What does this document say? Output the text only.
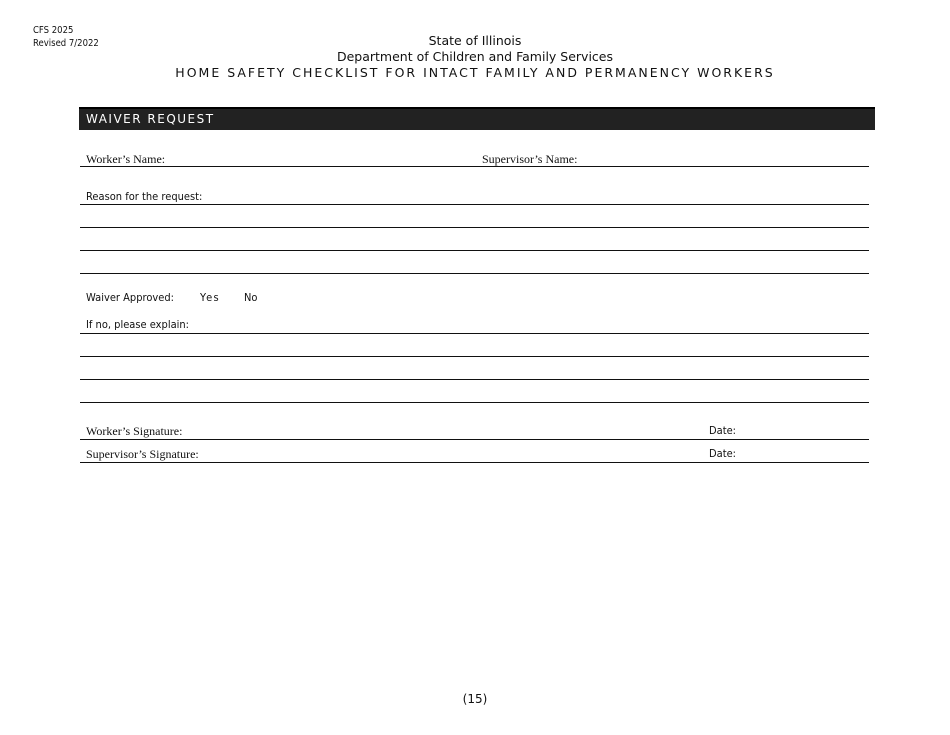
CFS 2025
Revised 7/2022	State of Illinois
Department of Children and Family Services
HOME SAFETY CHECKLIST FOR INTACT FAMILY AND PERMANENCY WORKERS
WAIVER REQUEST
Worker’s Name:	Supervisor’s Name:
Reason for the request:
Waiver Approved: Yes No
If no, please explain:
Worker’s Signature:	Date:
Supervisor’s Signature:	Date:
(15)
